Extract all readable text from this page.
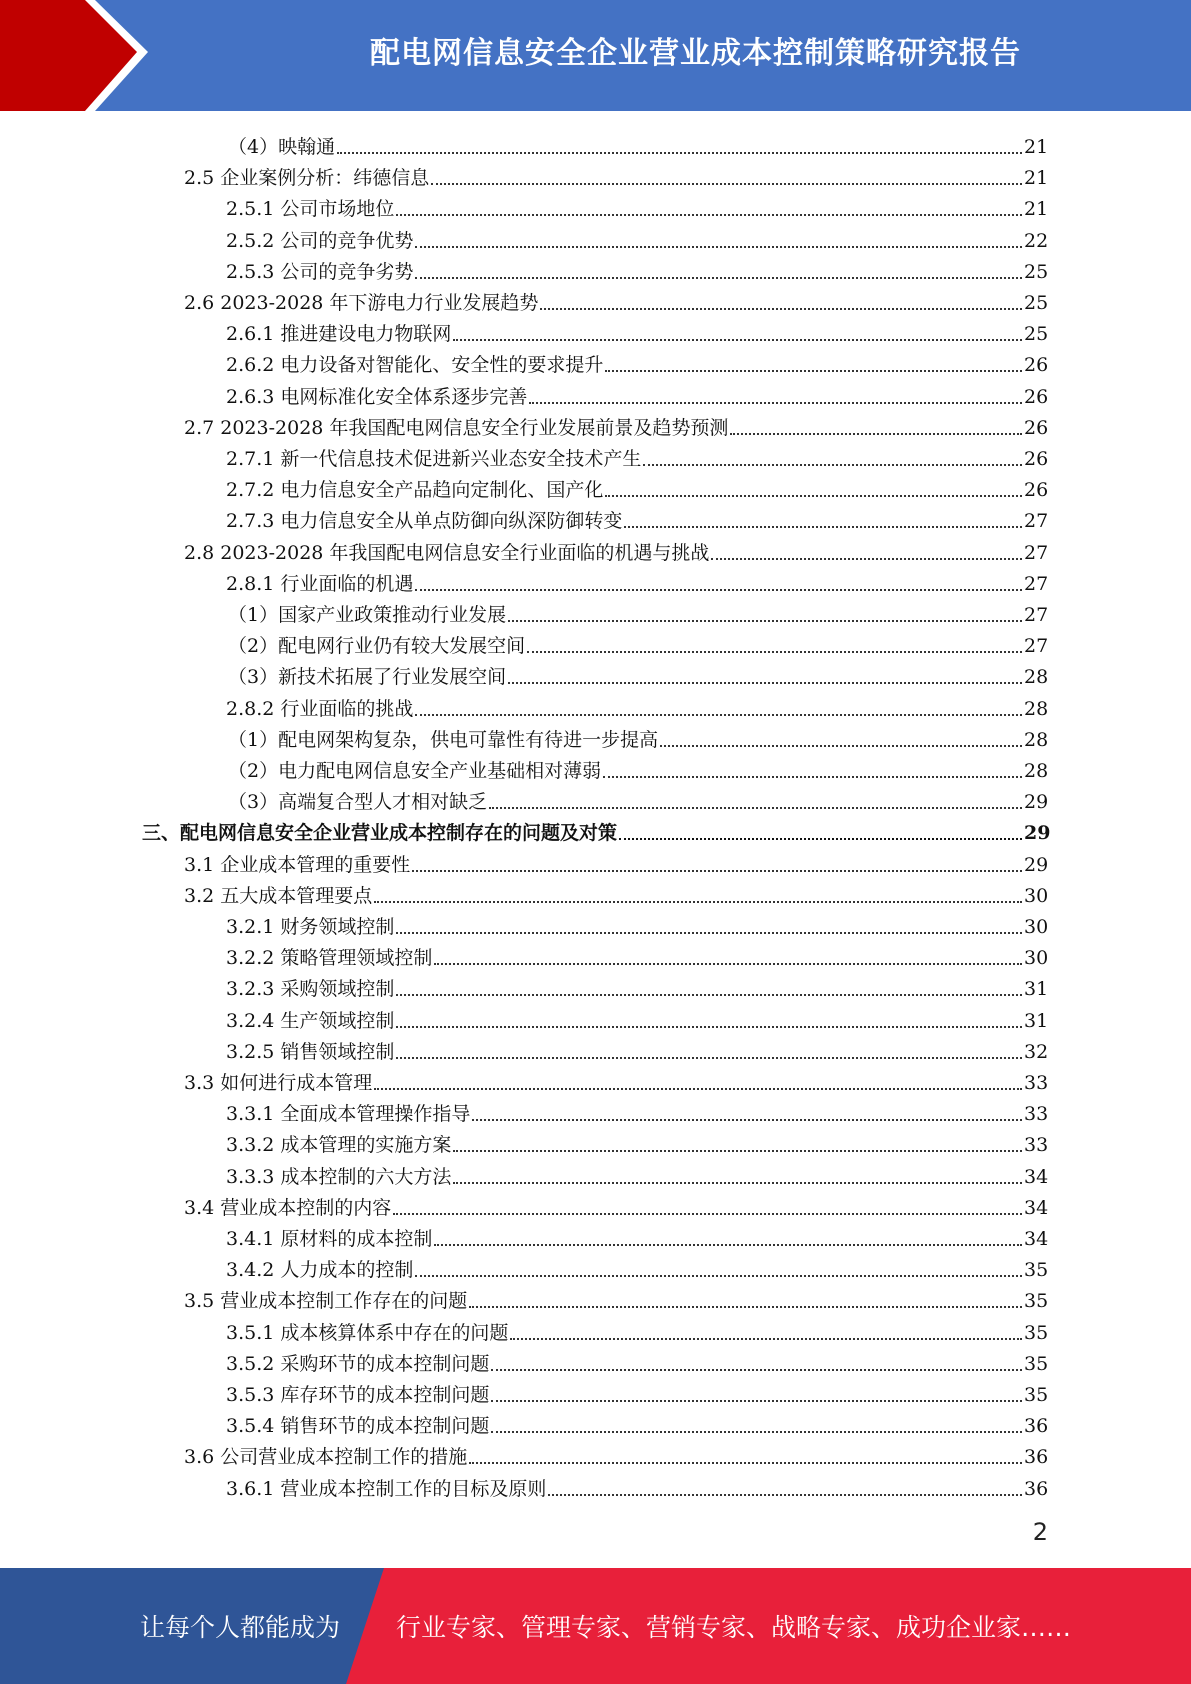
配电网信息安全企业营业成本控制策略研究报告
（4）映翰通	21
2.5 企业案例分析：纬德信息	21
2.5.1 公司市场地位	21
2.5.2 公司的竞争优势	22
2.5.3 公司的竞争劣势	25
2.6 2023-2028 年下游电力行业发展趋势	25
2.6.1 推进建设电力物联网	25
2.6.2 电力设备对智能化、安全性的要求提升	26
2.6.3 电网标准化安全体系逐步完善	26
2.7 2023-2028 年我国配电网信息安全行业发展前景及趋势预测	26
2.7.1 新一代信息技术促进新兴业态安全技术产生	26
2.7.2 电力信息安全产品趋向定制化、国产化	26
2.7.3 电力信息安全从单点防御向纵深防御转变	27
2.8 2023-2028 年我国配电网信息安全行业面临的机遇与挑战	27
2.8.1 行业面临的机遇	27
（1）国家产业政策推动行业发展	27
（2）配电网行业仍有较大发展空间	27
（3）新技术拓展了行业发展空间	28
2.8.2 行业面临的挑战	28
（1）配电网架构复杂，供电可靠性有待进一步提高	28
（2）电力配电网信息安全产业基础相对薄弱	28
（3）高端复合型人才相对缺乏	29
三、配电网信息安全企业营业成本控制存在的问题及对策	29
3.1 企业成本管理的重要性	29
3.2 五大成本管理要点	30
3.2.1 财务领域控制	30
3.2.2 策略管理领域控制	30
3.2.3 采购领域控制	31
3.2.4 生产领域控制	31
3.2.5 销售领域控制	32
3.3 如何进行成本管理	33
3.3.1 全面成本管理操作指导	33
3.3.2 成本管理的实施方案	33
3.3.3 成本控制的六大方法	34
3.4 营业成本控制的内容	34
3.4.1 原材料的成本控制	34
3.4.2 人力成本的控制	35
3.5 营业成本控制工作存在的问题	35
3.5.1 成本核算体系中存在的问题	35
3.5.2 采购环节的成本控制问题	35
3.5.3 库存环节的成本控制问题	35
3.5.4 销售环节的成本控制问题	36
3.6 公司营业成本控制工作的措施	36
3.6.1 营业成本控制工作的目标及原则	36
2
让每个人都能成为 行业专家、管理专家、营销专家、战略专家、成功企业家……
